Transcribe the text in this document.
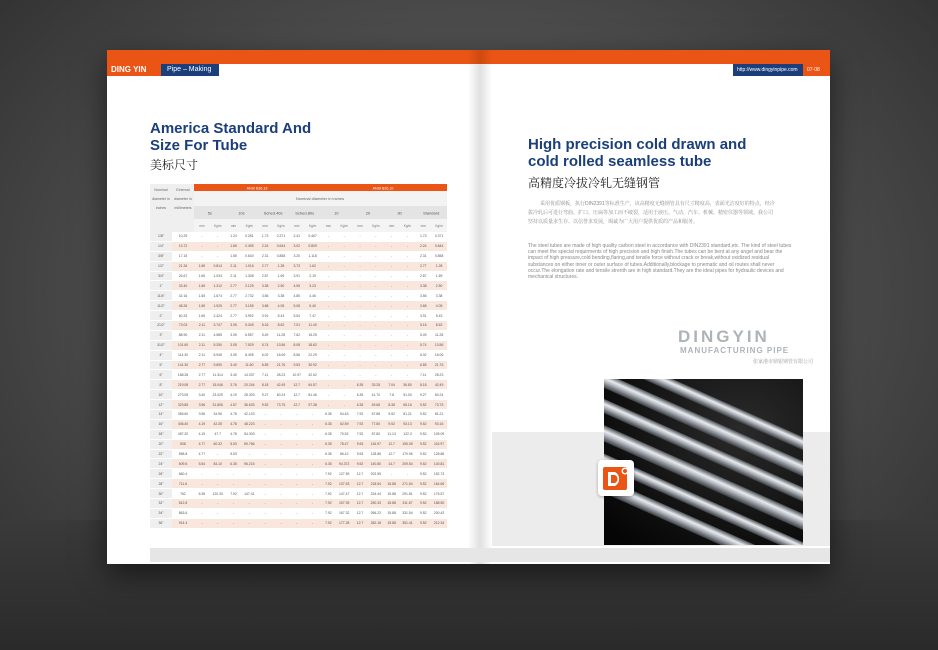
DING YIN	Pipe – Making	http://www.dingyinpipe.com 07-08
America Standard And
Size For Tube
美标尺寸
ANSI B36.19	ANSI B36.10
Nominal diameter in inches
5s	10s	Sched.40s	Sched.80s	10	20	30	Standard
mm	Kg/m	mm	Kg/m	mm	Kg/m	mm	Kg/m	mm	Kg/m	mm	Kg/m	mm	Kg/m	mm	Kg/m
Nominal diameter in inches
External diameter in millimeters
1/8"	10.29	-	-	1.24	0.281	1.73	0.371	2.41	0.467	-	-	-	-	-	-	1.73	0.371
1/4"	13.72	-	-	1.65	0.495	2.24	0.644	3.02	0.809	-	-	-	-	-	-	2.24	0.644
3/8"	17.15	-	-	1.65	0.640	2.31	0.858	3.20	1.118	-	-	-	-	-	-	2.31	0.858
1/2"	21.34	1.65	0.814	2.11	1.016	2.77	1.28	3.73	1.62	-	-	-	-	-	-	2.77	1.28
3/4"	26.67	1.65	1.034	2.11	1.308	2.87	1.69	3.91	2.19	-	-	-	-	-	-	2.87	1.69
1"	33.40	1.65	1.312	2.77	2.125	3.38	2.50	4.55	3.23	-	-	-	-	-	-	3.38	2.50
11/4"	42.16	1.65	1.674	2.77	2.732	3.56	3.38	4.85	4.46	-	-	-	-	-	-	3.56	3.38
11/2"	48.26	1.65	1.925	2.77	3.155	3.68	4.05	5.08	5.40	-	-	-	-	-	-	3.68	4.05
2"	60.33	1.65	2.424	2.77	3.992	3.91	5.43	5.54	7.47	-	-	-	-	-	-	3.91	5.43
21/2"	73.03	2.11	3.747	3.05	5.345	5.16	8.62	7.01	11.40	-	-	-	-	-	-	5.16	8.62
3"	88.90	2.11	4.585	3.05	6.557	5.49	11.28	7.62	15.25	-	-	-	-	-	-	5.49	11.28
31/2"	101.60	2.11	5.250	3.05	7.529	5.74	13.56	8.08	18.62	-	-	-	-	-	-	5.74	13.56
4"	114.30	2.11	5.945	3.05	8.495	6.02	16.06	8.56	22.29	-	-	-	-	-	-	6.02	16.06
5"	141.30	2.77	9.690	3.40	11.80	6.55	21.76	9.53	30.92	-	-	-	-	-	-	6.55	21.76
6"	168.28	2.77	11.314	3.40	14.037	7.11	28.23	10.97	42.52	-	-	-	-	-	-	7.11	28.23
8"	219.08	2.77	15.046	3.76	20.244	8.18	42.49	12.7	64.57	-	-	6.35	33.28	7.04	36.80	8.18	42.49
10"	273.05	3.40	23.029	4.19	28.303	9.27	60.24	12.7	81.46	-	-	6.35	41.70	7.8	51.00	9.27	60.24
12"	323.85	3.96	31.806	4.57	36.633	9.52	73.75	12.7	97.38	-	-	6.35	49.66	8.38	65.16	9.52	73.75
14"	355.60	3.96	34.96	4.78	42.103	-	-	-	-	6.35	54.63	7.92	67.88	9.52	81.21	9.52	81.21
16"	406.40	4.19	42.35	4.78	48.223	-	-	-	-	6.35	62.59	7.92	77.80	9.52	93.13	9.52	93.16
18"	457.20	4.19	47.7	4.78	54.303	-	-	-	-	6.35	70.52	7.92	87.80	11.13	122.3	9.52	105.09
20"	508	4.77	60.32	5.53	69.766	-	-	-	-	6.35	78.47	9.53	116.97	12.7	155.05	9.52	116.97
22"	558.8	4.77	-	5.53	-	-	-	-	-	6.35	86.42	9.53	128.86	12.7	170.96	9.52	128.86
24"	609.6	5.54	84.10	6.35	96.215	-	-	-	-	6.35	94.372	9.52	140.80	14.7	209.54	9.52	140.81
26"	660.4	-	-	-	-	-	-	-	-	7.92	127.59	12.7	202.55	-	-	9.52	152.73
28"	711.6	-	-	-	-	-	-	-	-	7.92	137.53	12.7	218.54	15.88	271.54	9.52	164.69
30"	762	6.35	120.30	7.92	147.41	-	-	-	-	7.92	147.47	12.7	234.44	15.88	291.81	9.52	176.57
32"	812.8	-	-	-	-	-	-	-	-	7.92	157.39	12.7	250.33	15.88	311.67	9.52	188.50
34"	863.6	-	-	-	-	-	-	-	-	7.92	167.32	12.7	266.22	15.88	331.54	9.52	200.42
36"	914.4	-	-	-	-	-	-	-	-	7.92	177.28	12.7	282.18	15.88	351.41	9.52	212.34
High precision cold drawn and
cold rolled seamless tube
高精度冷拔冷轧无缝钢管
采用优质钢板，执行DIN2391等标准生产，该高精度无缝钢管具有尺寸精度高、表面光洁度好的特点，经冷拔冷轧后可进行弯曲、扩口、压扁等加工而不破裂，适用于液压、气动、汽车、机械、精密仪器等领域。我公司坚持以质量求生存、以信誉求发展，竭诚为广大用户提供优质的产品和服务。
The steel tubes are made of high quality carbon steel in accordance with DIN2391 standard,etc. The kind of steel tubes can meet the special requirments of high precision and high finish.The tubes can be bent at any angel and bear the impact of high pressure,cold bending,flaring,and tensile force without crack or break,without oxidized residual substances on either inner or outer surface of tubes.Additionally,blockage to pnematic and oil routes shall never occur.The elongation rate and tensile strenth are in high standard.They are the ideal pipes for hydraulic devices and mechanical structures.
DINGYIN
MANUFACTURING PIPE
张家港市鼎银钢管有限公司
